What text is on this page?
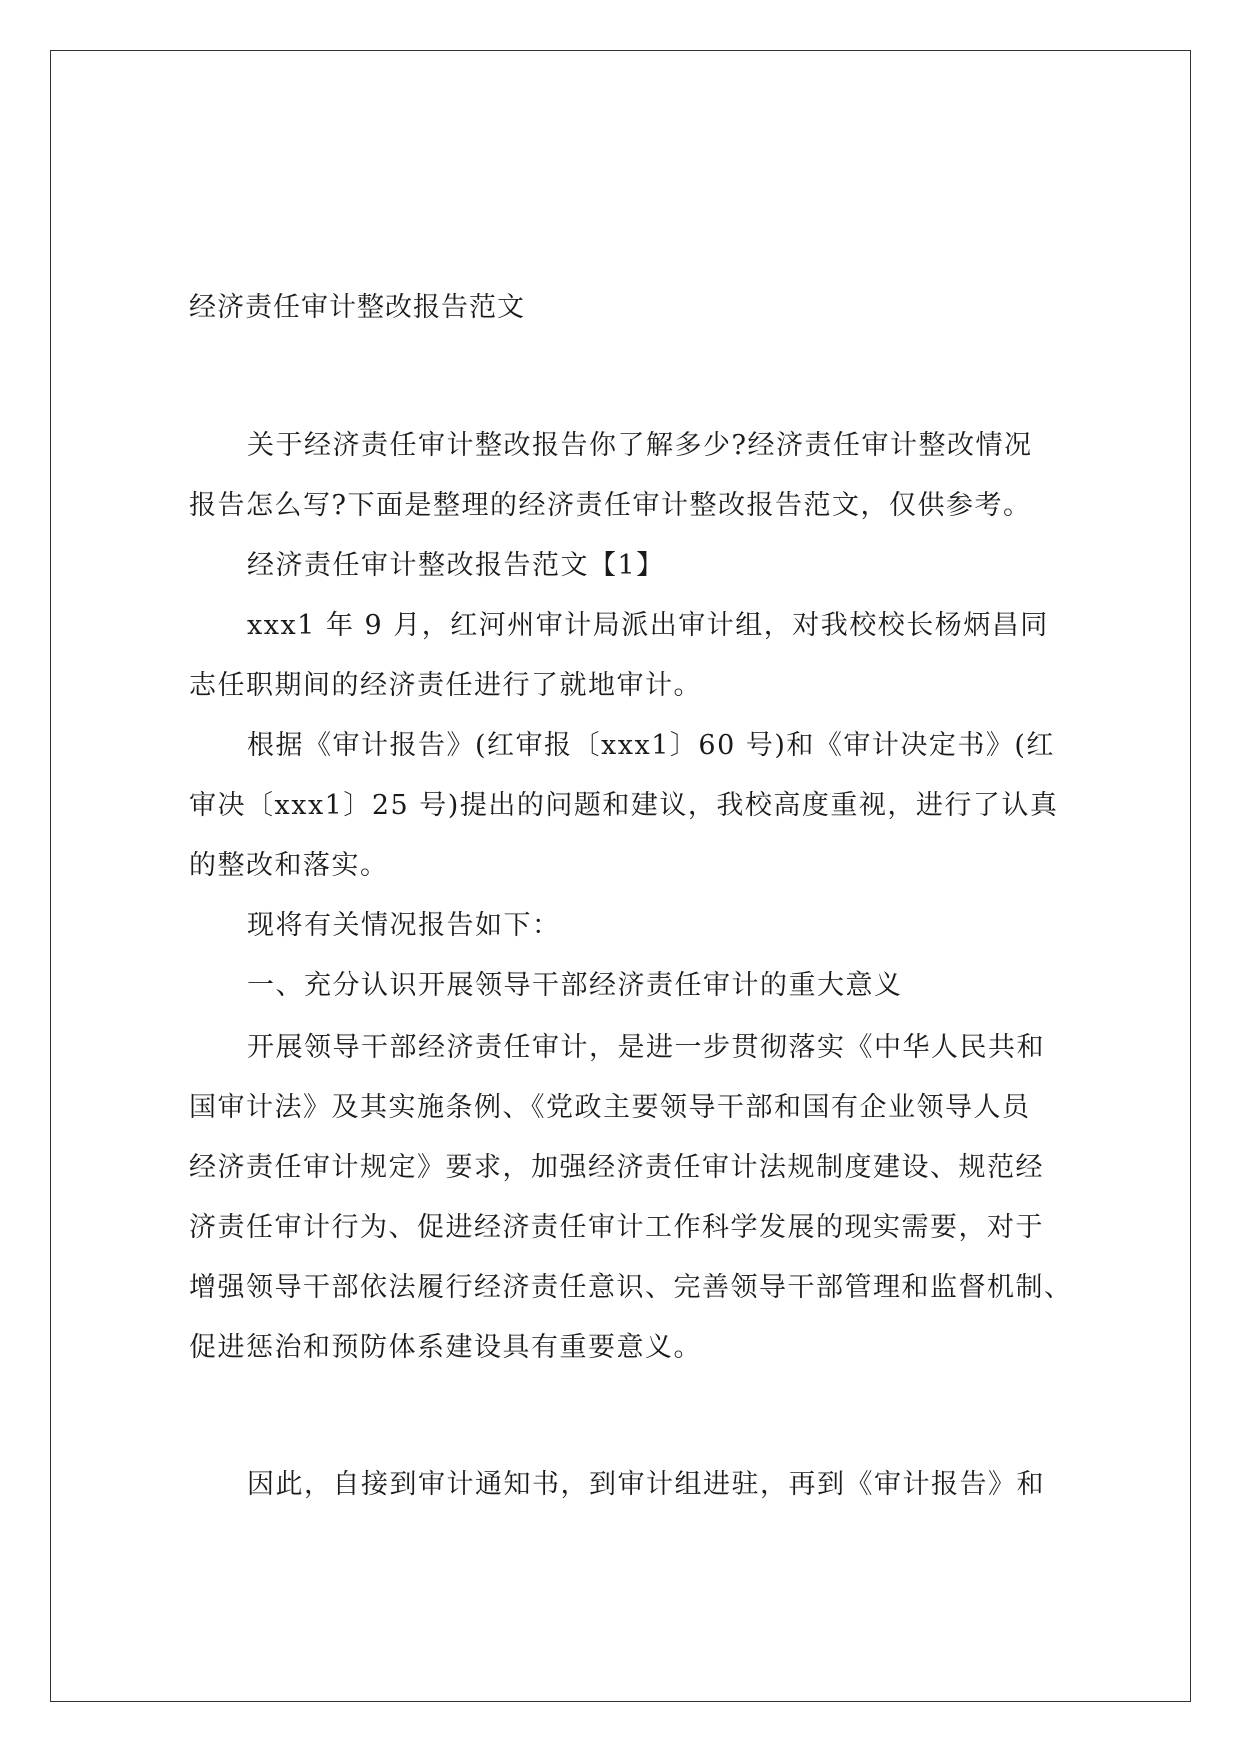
经济责任审计整改报告范文
关于经济责任审计整改报告你了解多少?经济责任审计整改情况
报告怎么写?下面是整理的经济责任审计整改报告范文，仅供参考。
经济责任审计整改报告范文【1】
xxx1 年 9 月，红河州审计局派出审计组，对我校校长杨炳昌同
志任职期间的经济责任进行了就地审计。
根据《审计报告》(红审报〔xxx1〕60 号)和《审计决定书》(红
审决〔xxx1〕25 号)提出的问题和建议，我校高度重视，进行了认真
的整改和落实。
现将有关情况报告如下：
一、充分认识开展领导干部经济责任审计的重大意义
开展领导干部经济责任审计，是进一步贯彻落实《中华人民共和
国审计法》及其实施条例、《党政主要领导干部和国有企业领导人员
经济责任审计规定》要求，加强经济责任审计法规制度建设、规范经
济责任审计行为、促进经济责任审计工作科学发展的现实需要，对于
增强领导干部依法履行经济责任意识、完善领导干部管理和监督机制、
促进惩治和预防体系建设具有重要意义。
因此，自接到审计通知书，到审计组进驻，再到《审计报告》和
